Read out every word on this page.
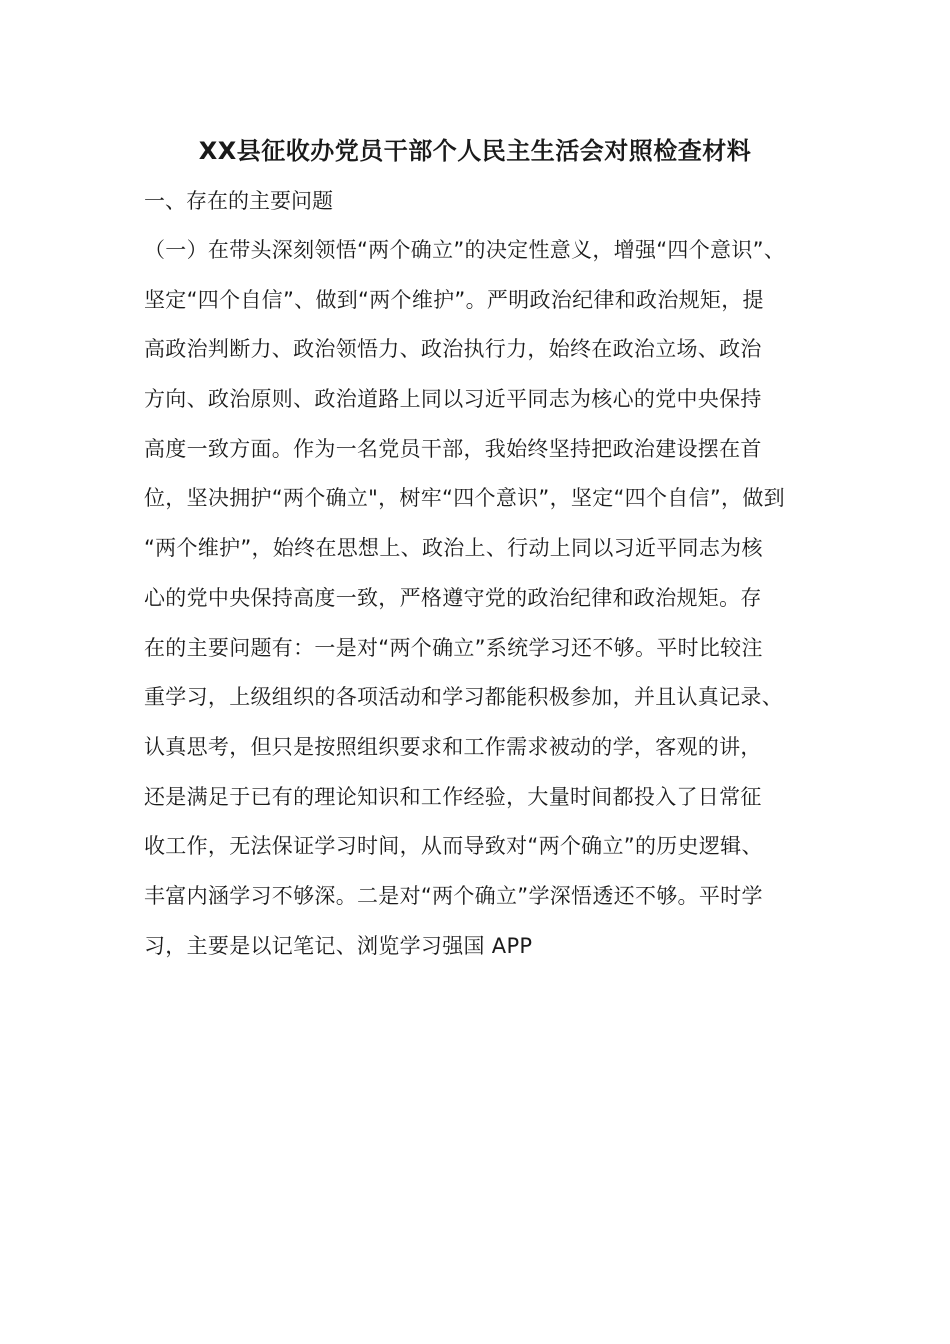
XX县征收办党员干部个人民主生活会对照检查材料
一、存在的主要问题
（一）在带头深刻领悟“两个确立”的决定性意义，增强“四个意识”、
坚定“四个自信”、做到“两个维护”。严明政治纪律和政治规矩，提
高政治判断力、政治领悟力、政治执行力，始终在政治立场、政治
方向、政治原则、政治道路上同以习近平同志为核心的党中央保持
高度一致方面。作为一名党员干部，我始终坚持把政治建设摆在首
位，坚决拥护“两个确立"，树牢“四个意识”，坚定“四个自信”，做到
“两个维护”，始终在思想上、政治上、行动上同以习近平同志为核
心的党中央保持高度一致，严格遵守党的政治纪律和政治规矩。存
在的主要问题有：一是对“两个确立”系统学习还不够。平时比较注
重学习，上级组织的各项活动和学习都能积极参加，并且认真记录、
认真思考，但只是按照组织要求和工作需求被动的学，客观的讲，
还是满足于已有的理论知识和工作经验，大量时间都投入了日常征
收工作，无法保证学习时间，从而导致对“两个确立”的历史逻辑、
丰富内涵学习不够深。二是对“两个确立”学深悟透还不够。平时学
习，主要是以记笔记、浏览学习强国 APP
